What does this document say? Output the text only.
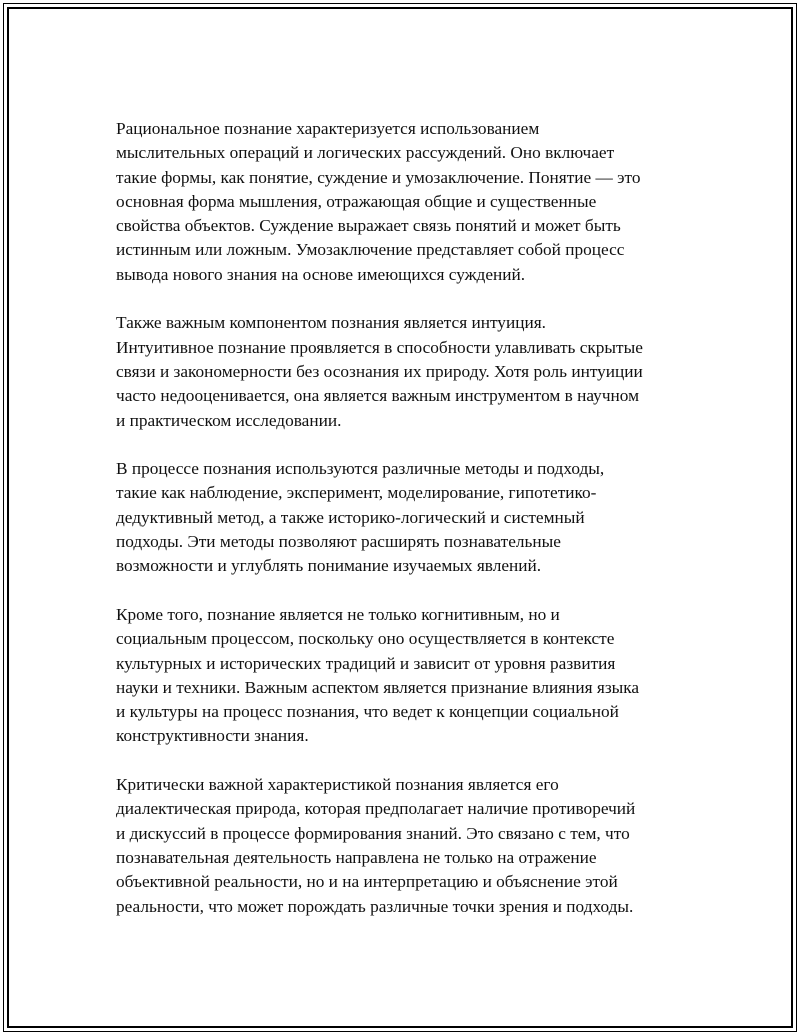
Рациональное познание характеризуется использованием
мыслительных операций и логических рассуждений. Оно включает
такие формы, как понятие, суждение и умозаключение. Понятие — это
основная форма мышления, отражающая общие и существенные
свойства объектов. Суждение выражает связь понятий и может быть
истинным или ложным. Умозаключение представляет собой процесс
вывода нового знания на основе имеющихся суждений.

Также важным компонентом познания является интуиция.
Интуитивное познание проявляется в способности улавливать скрытые
связи и закономерности без осознания их природу. Хотя роль интуиции
часто недооценивается, она является важным инструментом в научном
и практическом исследовании.

В процессе познания используются различные методы и подходы,
такие как наблюдение, эксперимент, моделирование, гипотетико-
дедуктивный метод, а также историко-логический и системный
подходы. Эти методы позволяют расширять познавательные
возможности и углублять понимание изучаемых явлений.

Кроме того, познание является не только когнитивным, но и
социальным процессом, поскольку оно осуществляется в контексте
культурных и исторических традиций и зависит от уровня развития
науки и техники. Важным аспектом является признание влияния языка
и культуры на процесс познания, что ведет к концепции социальной
конструктивности знания.

Критически важной характеристикой познания является его
диалектическая природа, которая предполагает наличие противоречий
и дискуссий в процессе формирования знаний. Это связано с тем, что
познавательная деятельность направлена не только на отражение
объективной реальности, но и на интерпретацию и объяснение этой
реальности, что может порождать различные точки зрения и подходы.
